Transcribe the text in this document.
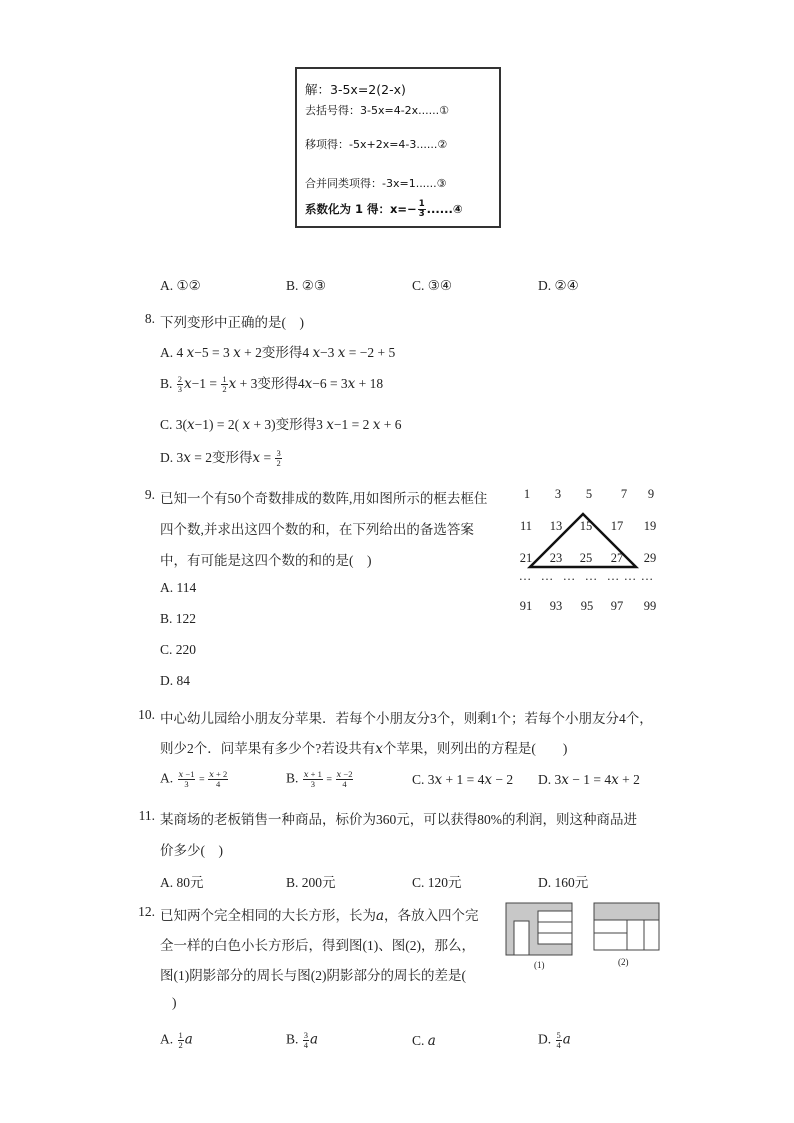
解：3-5x=2(2-x)
去括号得：3-5x=4-2x......①
移项得：-5x+2x=4-3......②
合并同类项得：-3x=1......③
系数化为 1 得：$x=- \frac{1}{3}$ ......④
A. ①②	B. ②③	C. ③④	D. ②④
8. 下列变形中正确的是(　)
A. 4 𝑥−5 = 3 𝑥 + 2变形得4 𝑥−3 𝑥 = −2 + 5
B. $\frac{2}{3}$ 𝑥−1 = $\frac{1}{2}$ 𝑥 + 3变形得4𝑥−6 = 3𝑥 + 18
C. 3(𝑥−1) = 2( 𝑥 + 3)变形得3 𝑥−1 = 2 𝑥 + 6
D. 3𝑥 = 2变形得𝑥 = $\frac{3}{2}$
9. 已知一个有50个奇数排成的数阵,用如图所示的框去框住
四个数,并求出这四个数的和，在下列给出的备选答案
中，有可能是这四个数的和的是(　)
A. 114
B. 122
C. 220
D. 84
1	3	5	7	9
11	13	15	17	19
21	23	25	27	29
… … … … … … …
91	93	95	97	99
10. 中心幼儿园给小朋友分苹果．若每个小朋友分3个，则剩1个；若每个小朋友分4个，
则少2个．问苹果有多少个?若设共有𝑥个苹果，则列出的方程是(　　)
A. $\frac{\text{𝑥 −1}}{3} = \frac{\text{𝑥 + 2}}{4}$	B. $\frac{\text{𝑥 + 1}}{3} = \frac{\text{𝑥 −2}}{4}$	C. 3𝑥 + 1 = 4𝑥 − 2 D. 3𝑥 − 1 = 4𝑥 + 2
11. 某商场的老板销售一种商品，标价为360元，可以获得80%的利润，则这种商品进
价多少(　)
A. 80元	B. 200元	C. 120元	D. 160元
12. 已知两个完全相同的大长方形，长为𝑎，各放入四个完
全一样的白色小长方形后，得到图(1)、图(2)，那么，
图(1)阴影部分的周长与图(2)阴影部分的周长的差是(
)
(1)	(2)
A. $\frac{1}{2}$ 𝑎	B. $\frac{3}{4}$ 𝑎	C. 𝑎	D. $\frac{5}{4}$ 𝑎
